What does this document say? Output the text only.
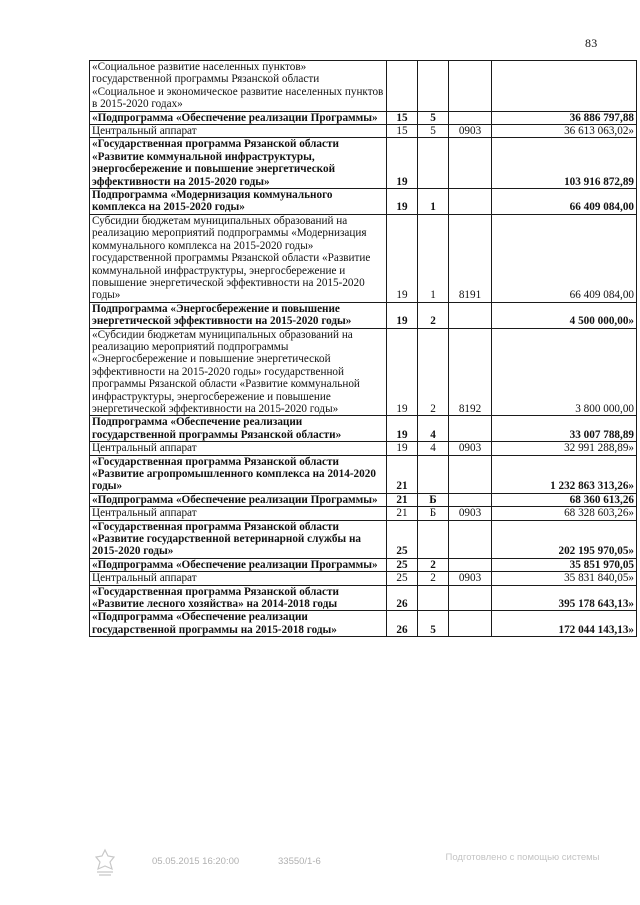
83
«Социальное развитие населенных пунктов» государственной программы Рязанской области «Социальное и экономическое развитие населенных пунктов в 2015-2020 годах»				
«Подпрограмма «Обеспечение реализации Программы»	15	5		36 886 797,88
Центральный аппарат	15	5	0903	36 613 063,02»
«Государственная программа Рязанской области «Развитие коммунальной инфраструктуры, энергосбережение и повышение энергетической эффективности на 2015-2020 годы»	19			103 916 872,89
Подпрограмма «Модернизация коммунального комплекса на 2015-2020 годы»	19	1		66 409 084,00
Субсидии бюджетам муниципальных образований на реализацию мероприятий подпрограммы «Модернизация коммунального комплекса на 2015-2020 годы» государственной программы Рязанской области «Развитие коммунальной инфраструктуры, энергосбережение и повышение энергетической эффективности на 2015-2020 годы»	19	1	8191	66 409 084,00
Подпрограмма «Энергосбережение и повышение энергетической эффективности на 2015-2020 годы»	19	2		4 500 000,00»
«Субсидии бюджетам муниципальных образований на реализацию мероприятий подпрограммы «Энергосбережение и повышение энергетической эффективности на 2015-2020 годы» государственной программы Рязанской области «Развитие коммунальной инфраструктуры, энергосбережение и повышение энергетической эффективности на 2015-2020 годы»	19	2	8192	3 800 000,00
Подпрограмма «Обеспечение реализации государственной программы Рязанской области»	19	4		33 007 788,89
Центральный аппарат	19	4	0903	32 991 288,89»
«Государственная программа Рязанской области «Развитие агропромышленного комплекса на 2014-2020 годы»	21			1 232 863 313,26»
«Подпрограмма «Обеспечение реализации Программы»	21	Б		68 360 613,26
Центральный аппарат	21	Б	0903	68 328 603,26»
«Государственная программа Рязанской области «Развитие государственной ветеринарной службы на 2015-2020 годы»	25			202 195 970,05»
«Подпрограмма «Обеспечение реализации Программы»	25	2		35 851 970,05
Центральный аппарат	25	2	0903	35 831 840,05»
«Государственная программа Рязанской области «Развитие лесного хозяйства» на 2014-2018 годы	26			395 178 643,13»
«Подпрограмма «Обеспечение реализации государственной программы на 2015-2018 годы»	26	5		172 044 143,13»
05.05.2015 16:20:00	33550/1-6	Подготовлено с помощью системы
